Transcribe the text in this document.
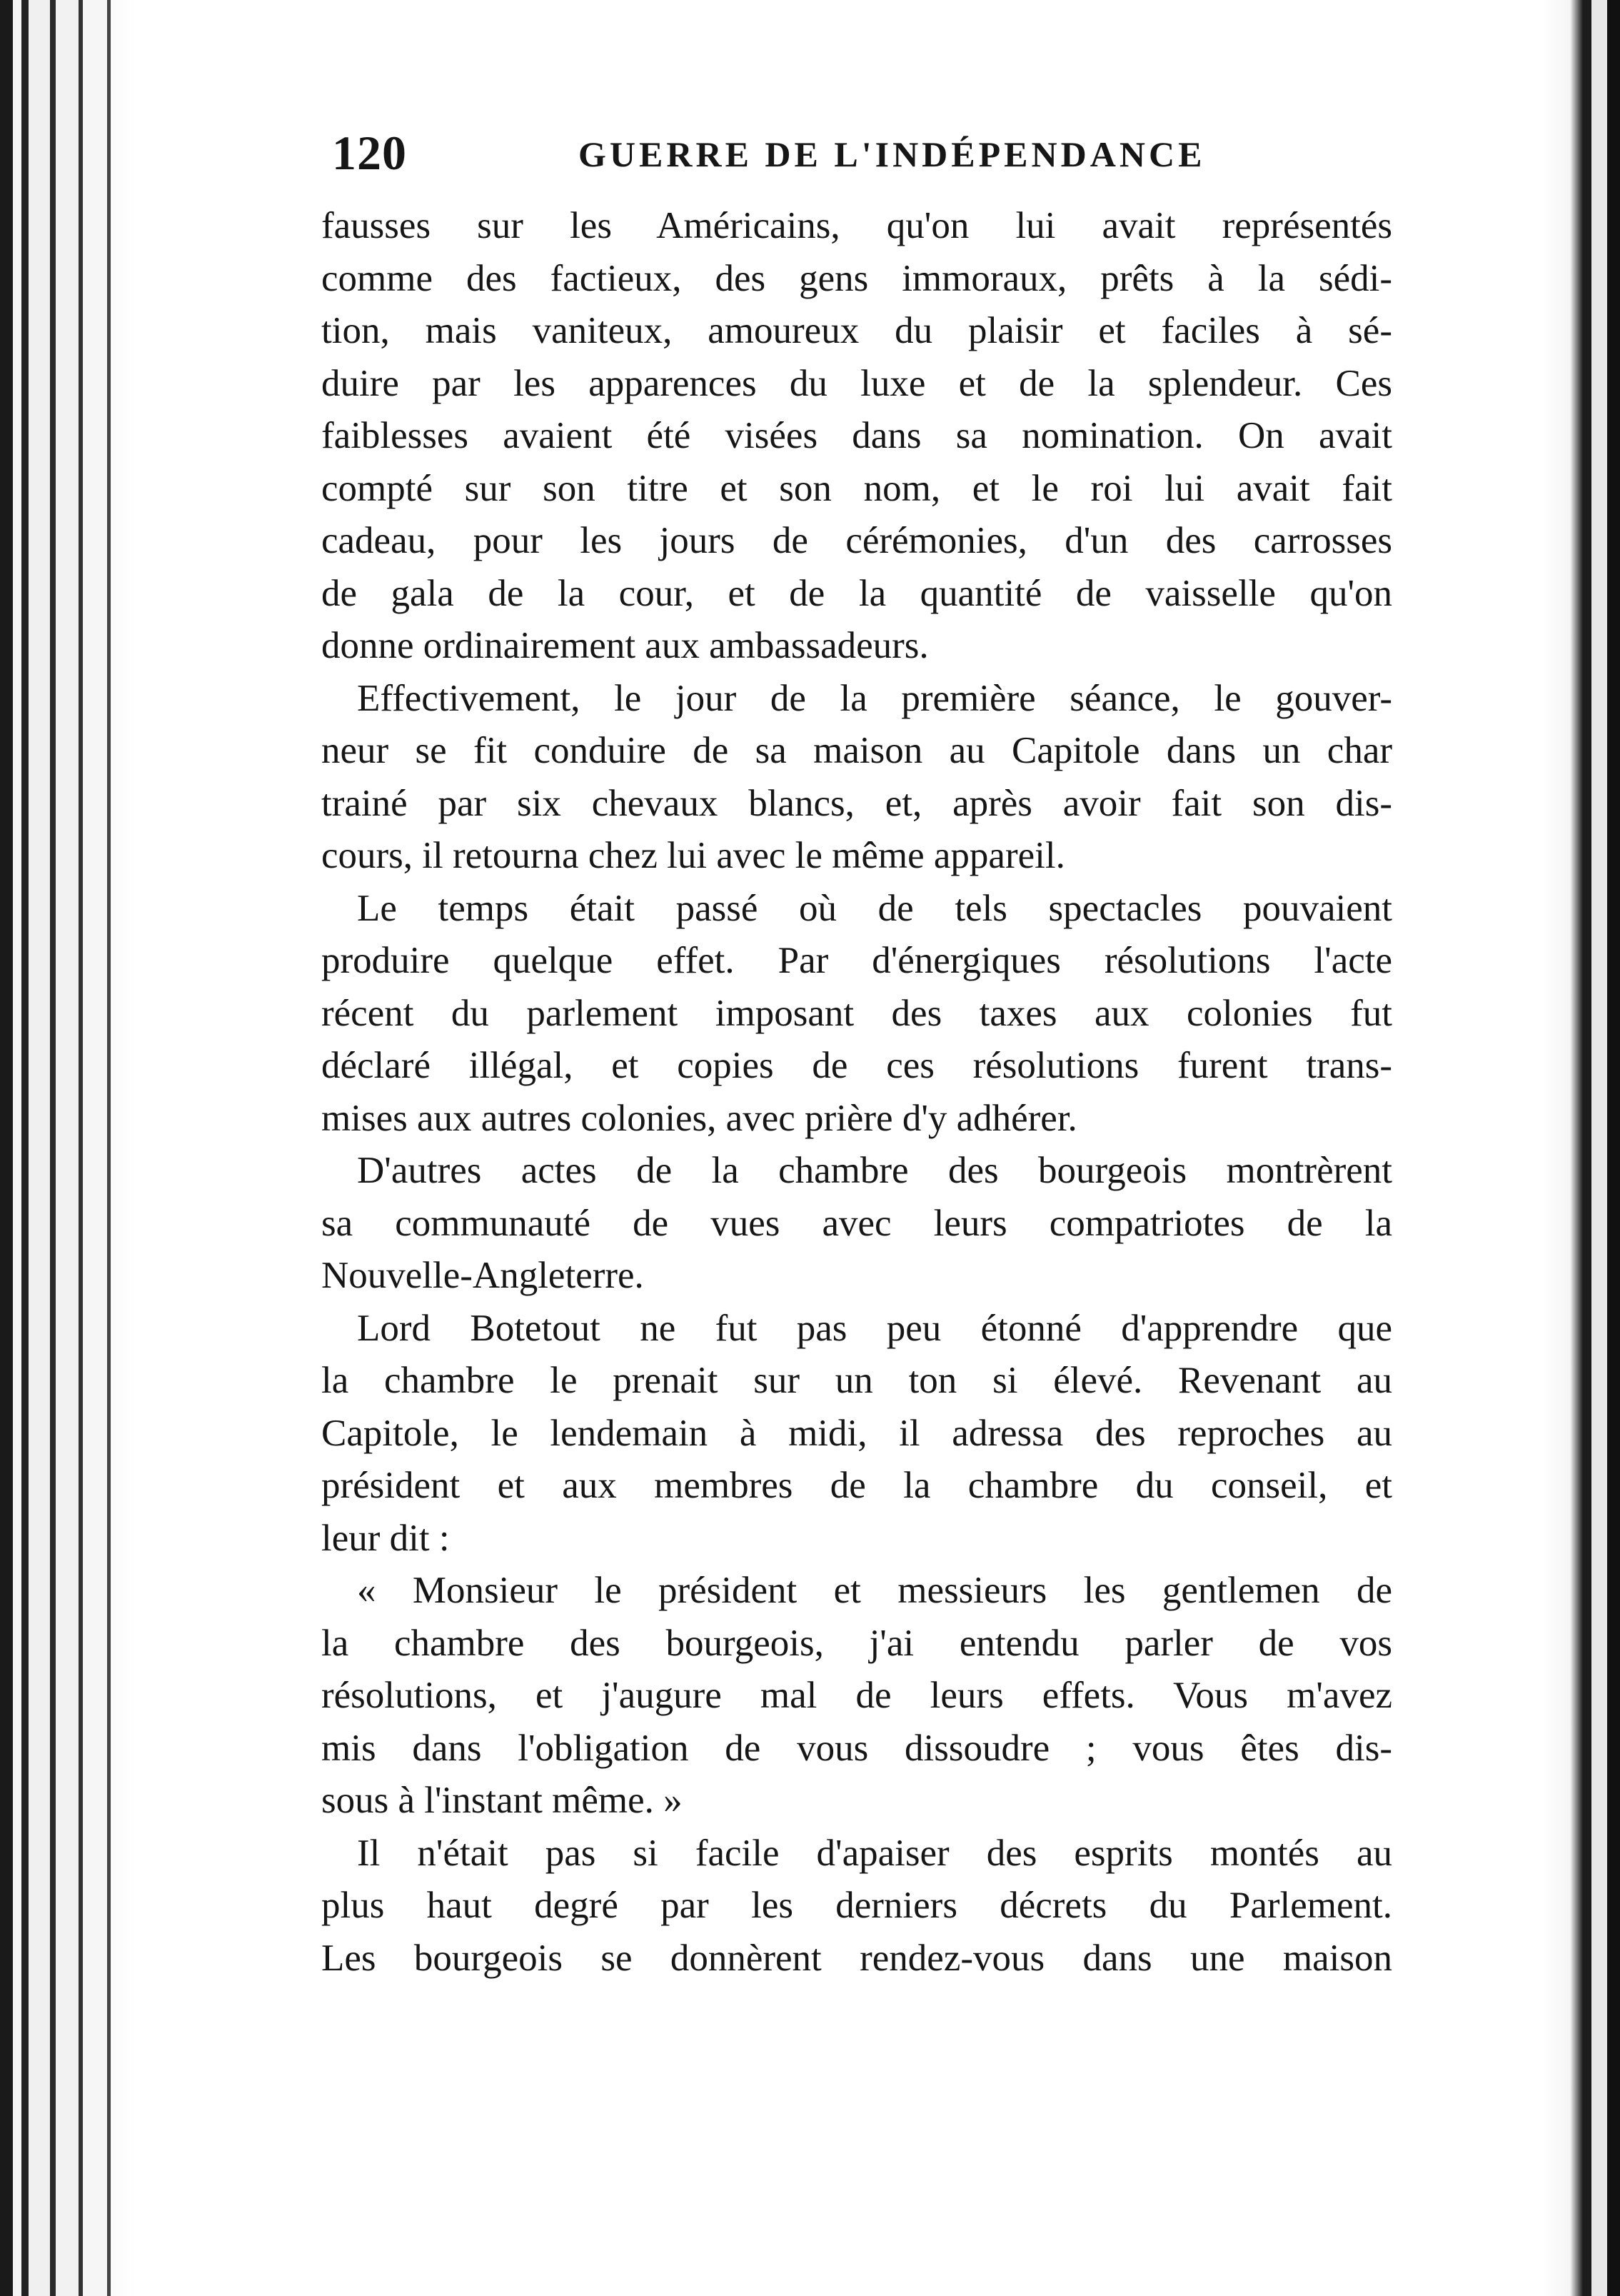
120	GUERRE DE L'INDÉPENDANCE

fausses sur les Américains, qu'on lui avait représentés
comme des factieux, des gens immoraux, prêts à la sédi-
tion, mais vaniteux, amoureux du plaisir et faciles à sé-
duire par les apparences du luxe et de la splendeur. Ces
faiblesses avaient été visées dans sa nomination. On avait
compté sur son titre et son nom, et le roi lui avait fait
cadeau, pour les jours de cérémonies, d'un des carrosses
de gala de la cour, et de la quantité de vaisselle qu'on
donne ordinairement aux ambassadeurs.

Effectivement, le jour de la première séance, le gouver-
neur se fit conduire de sa maison au Capitole dans un char
trainé par six chevaux blancs, et, après avoir fait son dis-
cours, il retourna chez lui avec le même appareil.

Le temps était passé où de tels spectacles pouvaient
produire quelque effet. Par d'énergiques résolutions l'acte
récent du parlement imposant des taxes aux colonies fut
déclaré illégal, et copies de ces résolutions furent trans-
mises aux autres colonies, avec prière d'y adhérer.

D'autres actes de la chambre des bourgeois montrèrent
sa communauté de vues avec leurs compatriotes de la
Nouvelle-Angleterre.

Lord Botetout ne fut pas peu étonné d'apprendre que
la chambre le prenait sur un ton si élevé. Revenant au
Capitole, le lendemain à midi, il adressa des reproches au
président et aux membres de la chambre du conseil, et
leur dit :

« Monsieur le président et messieurs les gentlemen de
la chambre des bourgeois, j'ai entendu parler de vos
résolutions, et j'augure mal de leurs effets. Vous m'avez
mis dans l'obligation de vous dissoudre ; vous êtes dis-
sous à l'instant même. »

Il n'était pas si facile d'apaiser des esprits montés au
plus haut degré par les derniers décrets du Parlement.
Les bourgeois se donnèrent rendez-vous dans une maison
